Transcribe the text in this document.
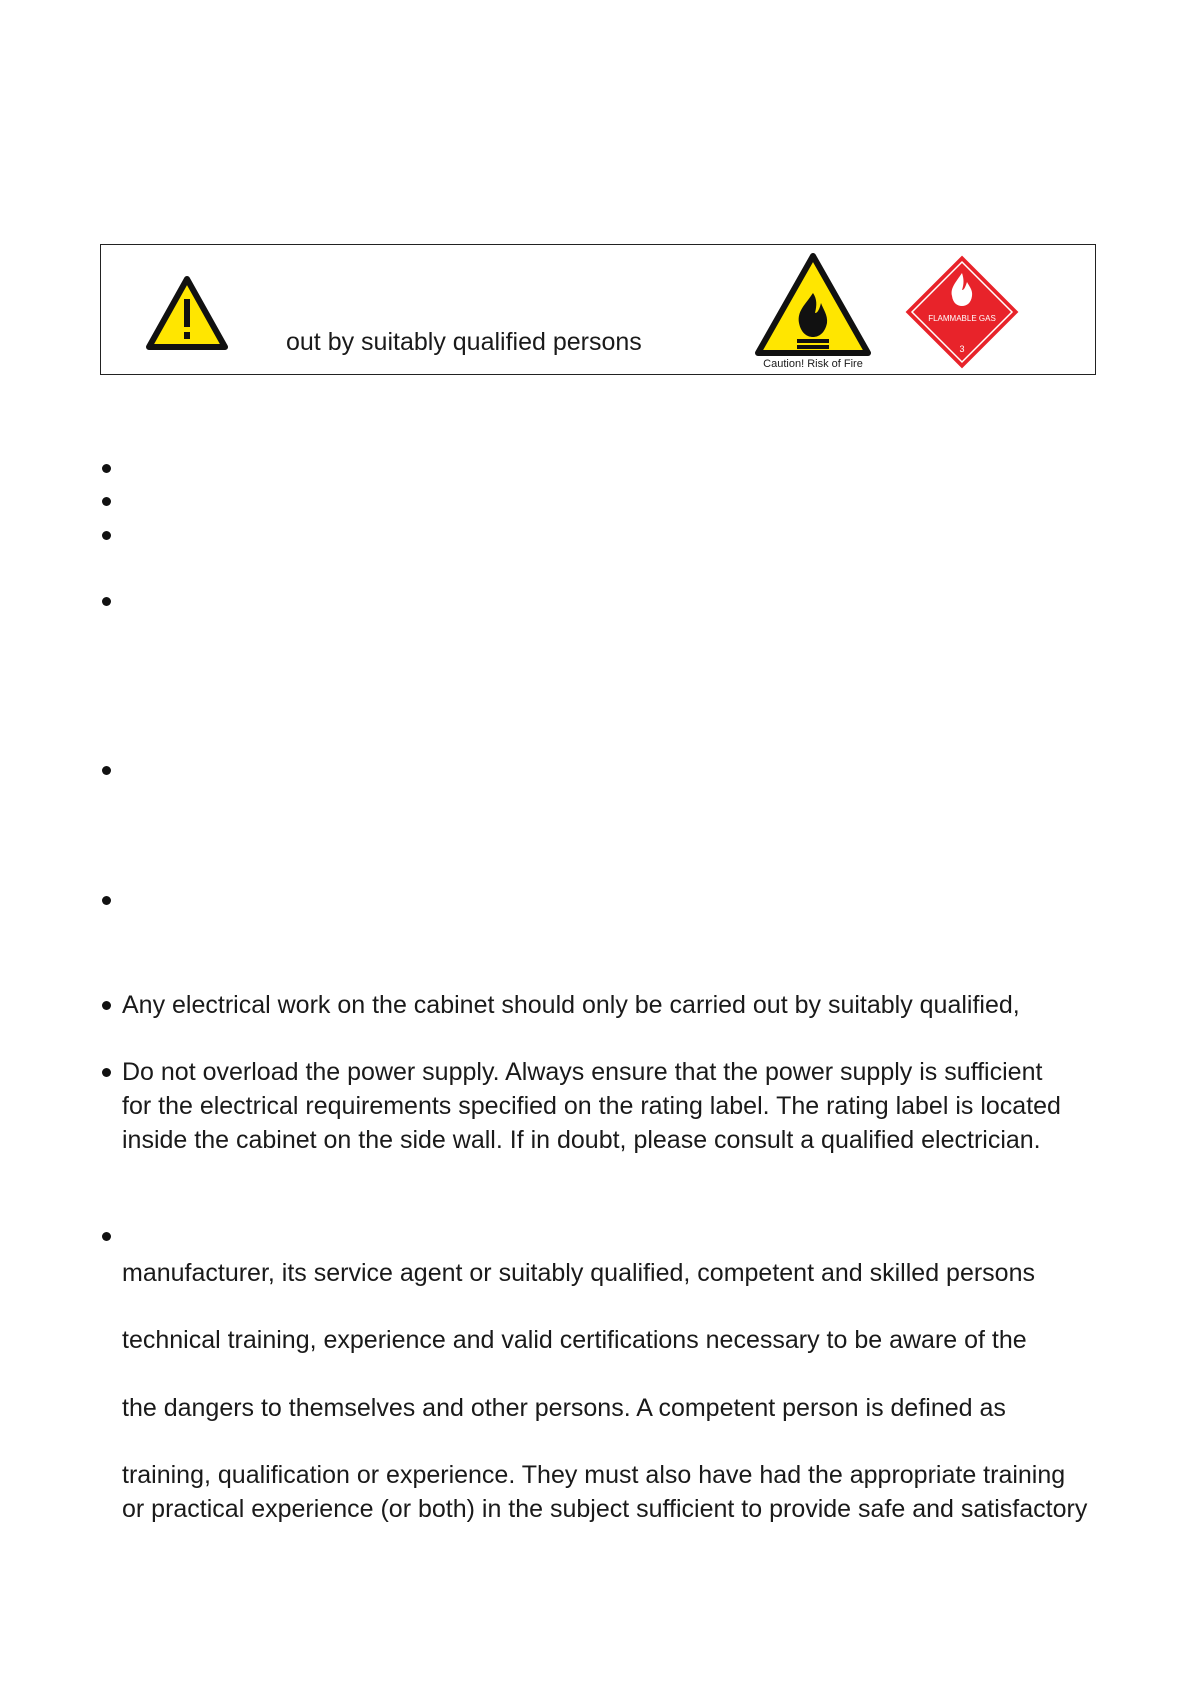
out by suitably qualified persons
Caution! Risk of Fire
FLAMMABLE GAS
3
Any electrical work on the cabinet should only be carried out by suitably qualified,
Do not overload the power supply. Always ensure that the power supply is sufficient
for the electrical requirements specified on the rating label. The rating label is located
inside the cabinet on the side wall. If in doubt, please consult a qualified electrician.
manufacturer, its service agent or suitably qualified, competent and skilled persons
technical training, experience and valid certifications necessary to be aware of the
the dangers to themselves and other persons. A competent person is defined as
training, qualification or experience. They must also have had the appropriate training
or practical experience (or both) in the subject sufficient to provide safe and satisfactory
